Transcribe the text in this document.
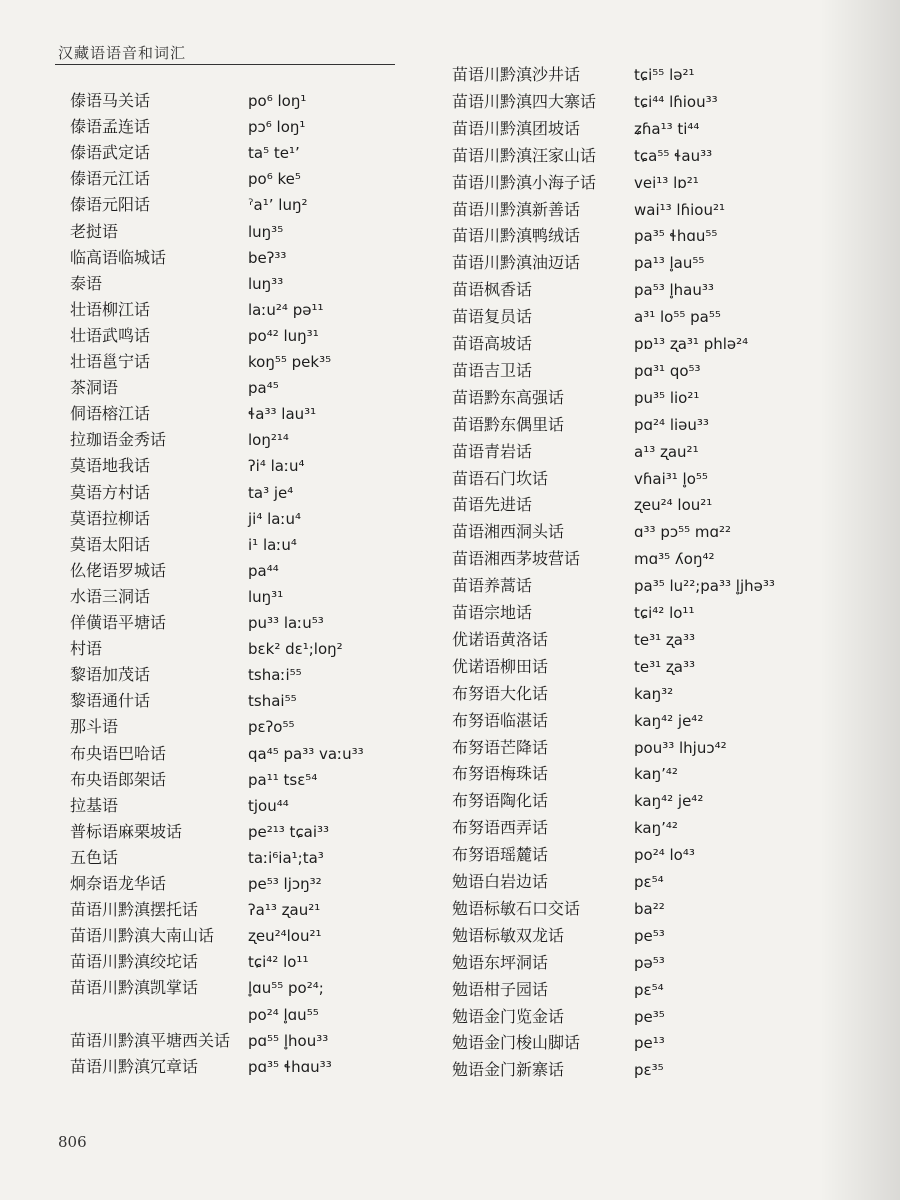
汉藏语语音和词汇
傣语马关话	po⁶ loŋ¹
傣语孟连话	pɔ⁶ loŋ¹
傣语武定话	ta⁵ te¹’
傣语元江话	po⁶ ke⁵
傣语元阳话	ˀa¹’ luŋ²
老挝语	luŋ³⁵
临高语临城话	beʔ³³
泰语	luŋ³³
壮语柳江话	laːu²⁴ pə¹¹
壮语武鸣话	po⁴² luŋ³¹
壮语邕宁话	koŋ⁵⁵ pek³⁵
茶洞语	pa⁴⁵
侗语榕江话	ɬa³³ lau³¹
拉珈语金秀话	loŋ²¹⁴
莫语地我话	ʔi⁴ laːu⁴
莫语方村话	ta³ je⁴
莫语拉柳话	ji⁴ laːu⁴
莫语太阳话	i¹ laːu⁴
仫佬语罗城话	pa⁴⁴
水语三洞话	luŋ³¹
佯僙语平塘话	pu³³ laːu⁵³
村语	bɛk² dɛ¹;loŋ²
黎语加茂话	tshaːi⁵⁵
黎语通什话	tshai⁵⁵
那斗语	pɛʔo⁵⁵
布央语巴哈话	qa⁴⁵ pa³³ vaːu³³
布央语郎架话	pa¹¹ tsɛ⁵⁴
拉基语	tjou⁴⁴
普标语麻栗坡话	pe²¹³ tɕai³³
五色话	taːi⁶ia¹;ta³
炯奈语龙华话	pe⁵³ ljɔŋ³²
苗语川黔滇摆托话	ʔa¹³ ʐau²¹
苗语川黔滇大南山话 ʐeu²⁴lou²¹
苗语川黔滇绞坨话	tɕi⁴² lo¹¹
苗语川黔滇凯掌话	l̥ɑu⁵⁵ po²⁴;
po²⁴ l̥ɑu⁵⁵
苗语川黔滇平塘西关话 pɑ⁵⁵ l̥hou³³
苗语川黔滇冗章话	pɑ³⁵ ɬhɑu³³
苗语川黔滇沙井话	tɕi⁵⁵ lə²¹
苗语川黔滇四大寨话	tɕi⁴⁴ lɦiou³³
苗语川黔滇团坡话	ʑɦa¹³ ti⁴⁴
苗语川黔滇汪家山话	tɕa⁵⁵ ɬau³³
苗语川黔滇小海子话	vei¹³ lɒ²¹
苗语川黔滇新善话	wai¹³ lɦiou²¹
苗语川黔滇鸭绒话	pa³⁵ ɬhɑu⁵⁵
苗语川黔滇油迈话	pa¹³ l̥au⁵⁵
苗语枫香话	pa⁵³ l̥hau³³
苗语复员话	a³¹ lo⁵⁵ pa⁵⁵
苗语高坡话	pɒ¹³ ʐa³¹ phlə²⁴
苗语吉卫话	pɑ³¹ qo⁵³
苗语黔东高强话	pu³⁵ lio²¹
苗语黔东偶里话	pɑ²⁴ liəu³³
苗语青岩话	a¹³ ʐau²¹
苗语石门坎话	vɦai³¹ l̥o⁵⁵
苗语先进话	ʐeu²⁴ lou²¹
苗语湘西洞头话	ɑ³³ pɔ⁵⁵ mɑ²²
苗语湘西茅坡营话	mɑ³⁵ ʎoŋ⁴²
苗语养蒿话	pa³⁵ lu²²;pa³³ l̥jhə³³
苗语宗地话	tɕi⁴² lo¹¹
优诺语黄洛话	te³¹ ʐa³³
优诺语柳田话	te³¹ ʐa³³
布努语大化话	kaŋ³²
布努语临湛话	kaŋ⁴² je⁴²
布努语芒降话	pou³³ lhjuɔ⁴²
布努语梅珠话	kaŋ’⁴²
布努语陶化话	kaŋ⁴² je⁴²
布努语西弄话	kaŋ’⁴²
布努语瑶麓话	po²⁴ lo⁴³
勉语白岩边话	pɛ⁵⁴
勉语标敏石口交话	ba²²
勉语标敏双龙话	pe⁵³
勉语东坪洞话	pə⁵³
勉语柑子园话	pɛ⁵⁴
勉语金门览金话	pe³⁵
勉语金门梭山脚话	pe¹³
勉语金门新寨话	pɛ³⁵
806
